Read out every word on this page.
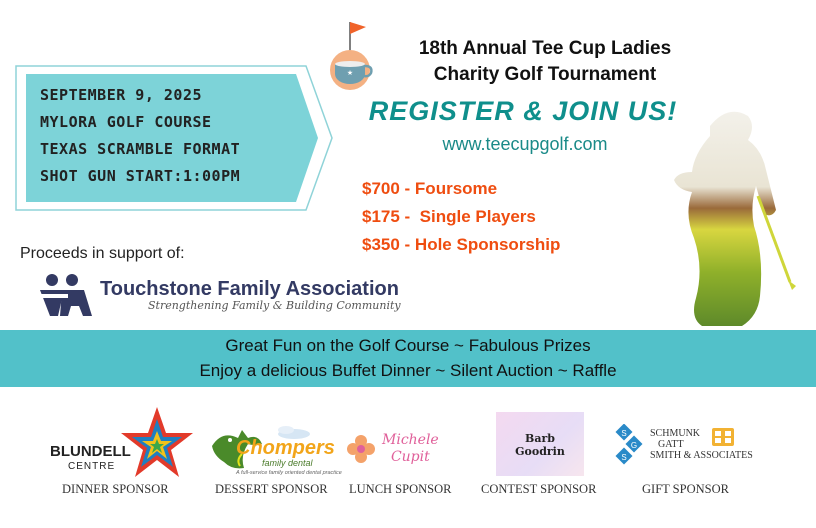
SEPTEMBER 9, 2025
MYLORA GOLF COURSE
TEXAS SCRAMBLE FORMAT
SHOT GUN START:1:00PM
★
18th Annual Tee Cup Ladies
Charity Golf Tournament
REGISTER & JOIN US!
www.teecupgolf.com
$700 - Foursome
$175 -  Single Players
$350 - Hole Sponsorship
Proceeds in support of:
Touchstone Family Association
Strengthening Family & Building Community
Great Fun on the Golf Course ~ Fabulous Prizes
Enjoy a delicious Buffet Dinner ~ Silent Auction ~ Raffle
BLUNDELL
CENTRE
DINNER SPONSOR
Chompers
family dental
A full-service family oriented dental practice
DESSERT SPONSOR
Michele
Cupit
LUNCH SPONSOR
Barb
Goodrin
CONTEST SPONSOR
S
G
S
SCHMUNK
GATT
SMITH & ASSOCIATES
GIFT SPONSOR
